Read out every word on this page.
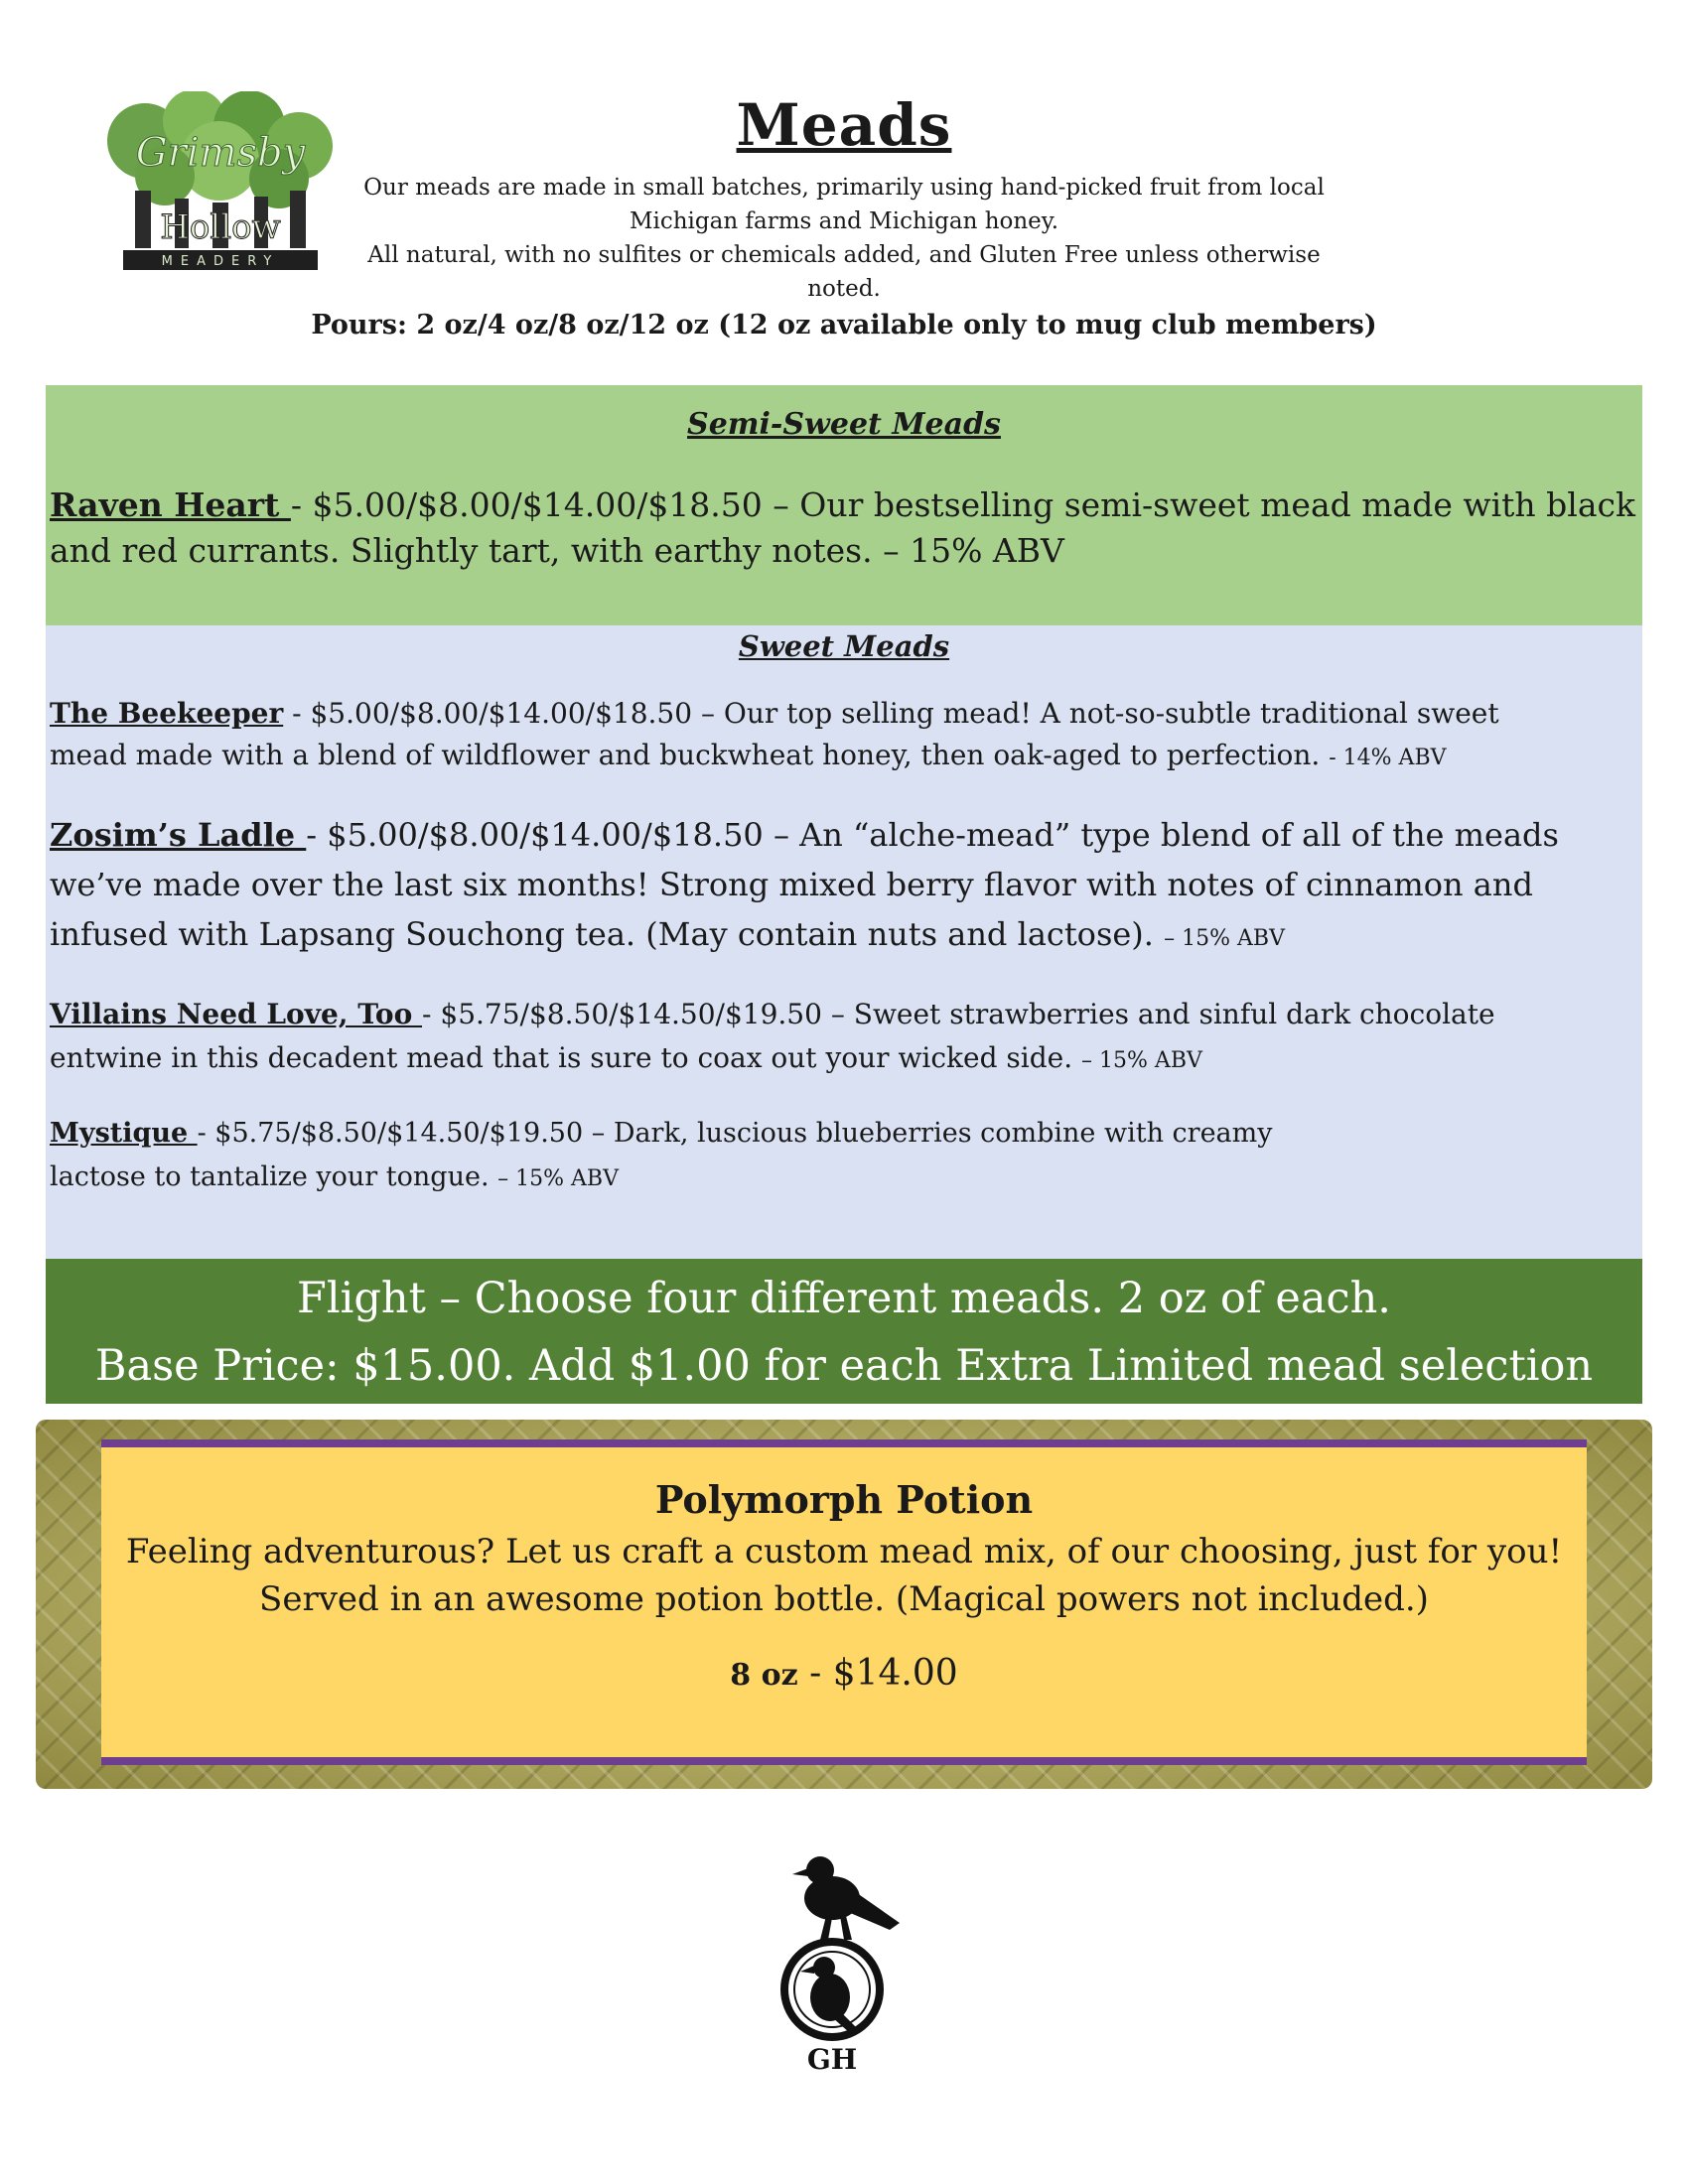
Grimsby
Hollow
MEADERY
Meads
Our meads are made in small batches, primarily using hand-picked fruit from local
Michigan farms and Michigan honey.
All natural, with no sulfites or chemicals added, and Gluten Free unless otherwise noted.
Pours: 2 oz/4 oz/8 oz/12 oz (12 oz available only to mug club members)
Semi-Sweet Meads
Raven Heart - $5.00/$8.00/$14.00/$18.50 – Our bestselling semi-sweet mead made with black and red currants. Slightly tart, with earthy notes. – 15% ABV
Sweet Meads
The Beekeeper - $5.00/$8.00/$14.00/$18.50 – Our top selling mead! A not-so-subtle traditional sweet mead made with a blend of wildflower and buckwheat honey, then oak-aged to perfection. - 14% ABV
Zosim’s Ladle - $5.00/$8.00/$14.00/$18.50 – An “alche-mead” type blend of all of the meads we’ve made over the last six months! Strong mixed berry flavor with notes of cinnamon and infused with Lapsang Souchong tea. (May contain nuts and lactose). – 15% ABV
Villains Need Love, Too - $5.75/$8.50/$14.50/$19.50 – Sweet strawberries and sinful dark chocolate entwine in this decadent mead that is sure to coax out your wicked side. – 15% ABV
Mystique - $5.75/$8.50/$14.50/$19.50 – Dark, luscious blueberries combine with creamy lactose to tantalize your tongue. – 15% ABV
Flight – Choose four different meads. 2 oz of each.
Base Price: $15.00. Add $1.00 for each Extra Limited mead selection
Polymorph Potion
Feeling adventurous? Let us craft a custom mead mix, of our choosing, just for you!
Served in an awesome potion bottle. (Magical powers not included.)
8 oz - $14.00
GH
